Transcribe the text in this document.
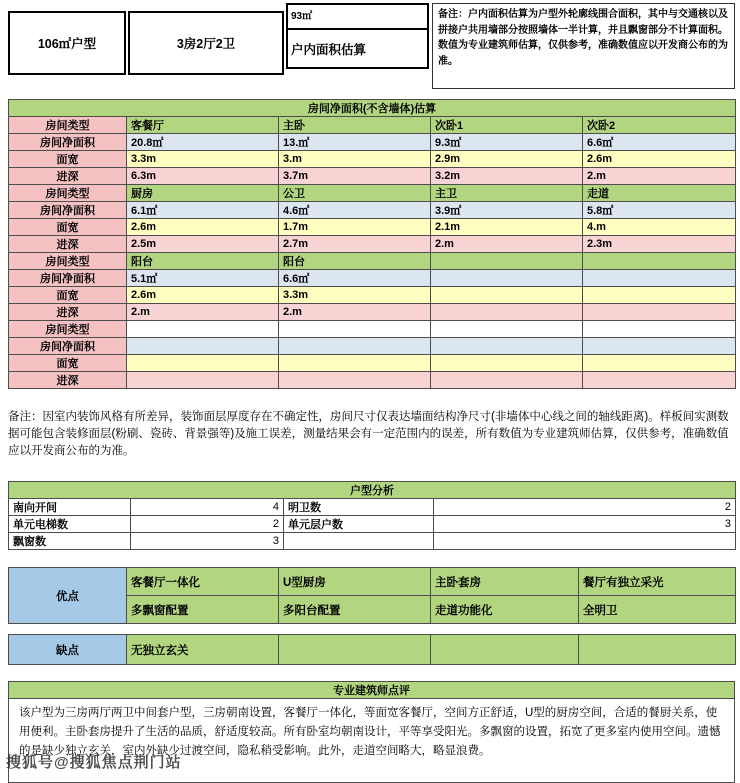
106㎡户型	3房2厅2卫
93㎡
户内面积估算
备注：户内面积估算为户型外轮廓线围合面积，其中与交通核以及拼接户共用墙部分按照墙体一半计算，并且飘窗部分不计算面积。数值为专业建筑师估算，仅供参考，准确数值应以开发商公布的为准。
房间净面积(不含墙体)估算				
房间类型	客餐厅	主卧	次卧1	次卧2
房间净面积	20.8㎡	13.㎡	9.3㎡	6.6㎡
面宽	3.3m	3.m	2.9m	2.6m
进深	6.3m	3.7m	3.2m	2.m
房间类型	厨房	公卫	主卫	走道
房间净面积	6.1㎡	4.6㎡	3.9㎡	5.8㎡
面宽	2.6m	1.7m	2.1m	4.m
进深	2.5m	2.7m	2.m	2.3m
房间类型	阳台	阳台		
房间净面积	5.1㎡	6.6㎡		
面宽	2.6m	3.3m		
进深	2.m	2.m		
房间类型				
房间净面积				
面宽				
进深				
备注：因室内装饰风格有所差异，装饰面层厚度存在不确定性，房间尺寸仅表达墙面结构净尺寸(非墙体中心线之间的轴线距离)。样板间实测数据可能包含装修面层(粉刷、瓷砖、背景强等)及施工误差，测量结果会有一定范围内的误差，所有数值为专业建筑师估算，仅供参考，准确数值应以开发商公布的为准。
户型分析			
南向开间	4	明卫数	2
单元电梯数	2	单元层户数	3
飘窗数	3		
优点	客餐厅一体化	U型厨房	主卧套房	餐厅有独立采光
	多飘窗配置	多阳台配置	走道功能化	全明卫
缺点	无独立玄关			
专业建筑师点评
该户型为三房两厅两卫中间套户型，三房朝南设置，客餐厅一体化，等面宽客餐厅，空间方正舒适，U型的厨房空间，合适的餐厨关系，使用便利。主卧套房提升了生活的品质，舒适度较高。所有卧室均朝南设计，平等享受阳光。多飘窗的设置，拓宽了更多室内使用空间。遗憾的是缺少独立玄关，室内外缺少过渡空间，隐私稍受影响。此外，走道空间略大，略显浪费。
搜狐号@搜狐焦点荆门站
